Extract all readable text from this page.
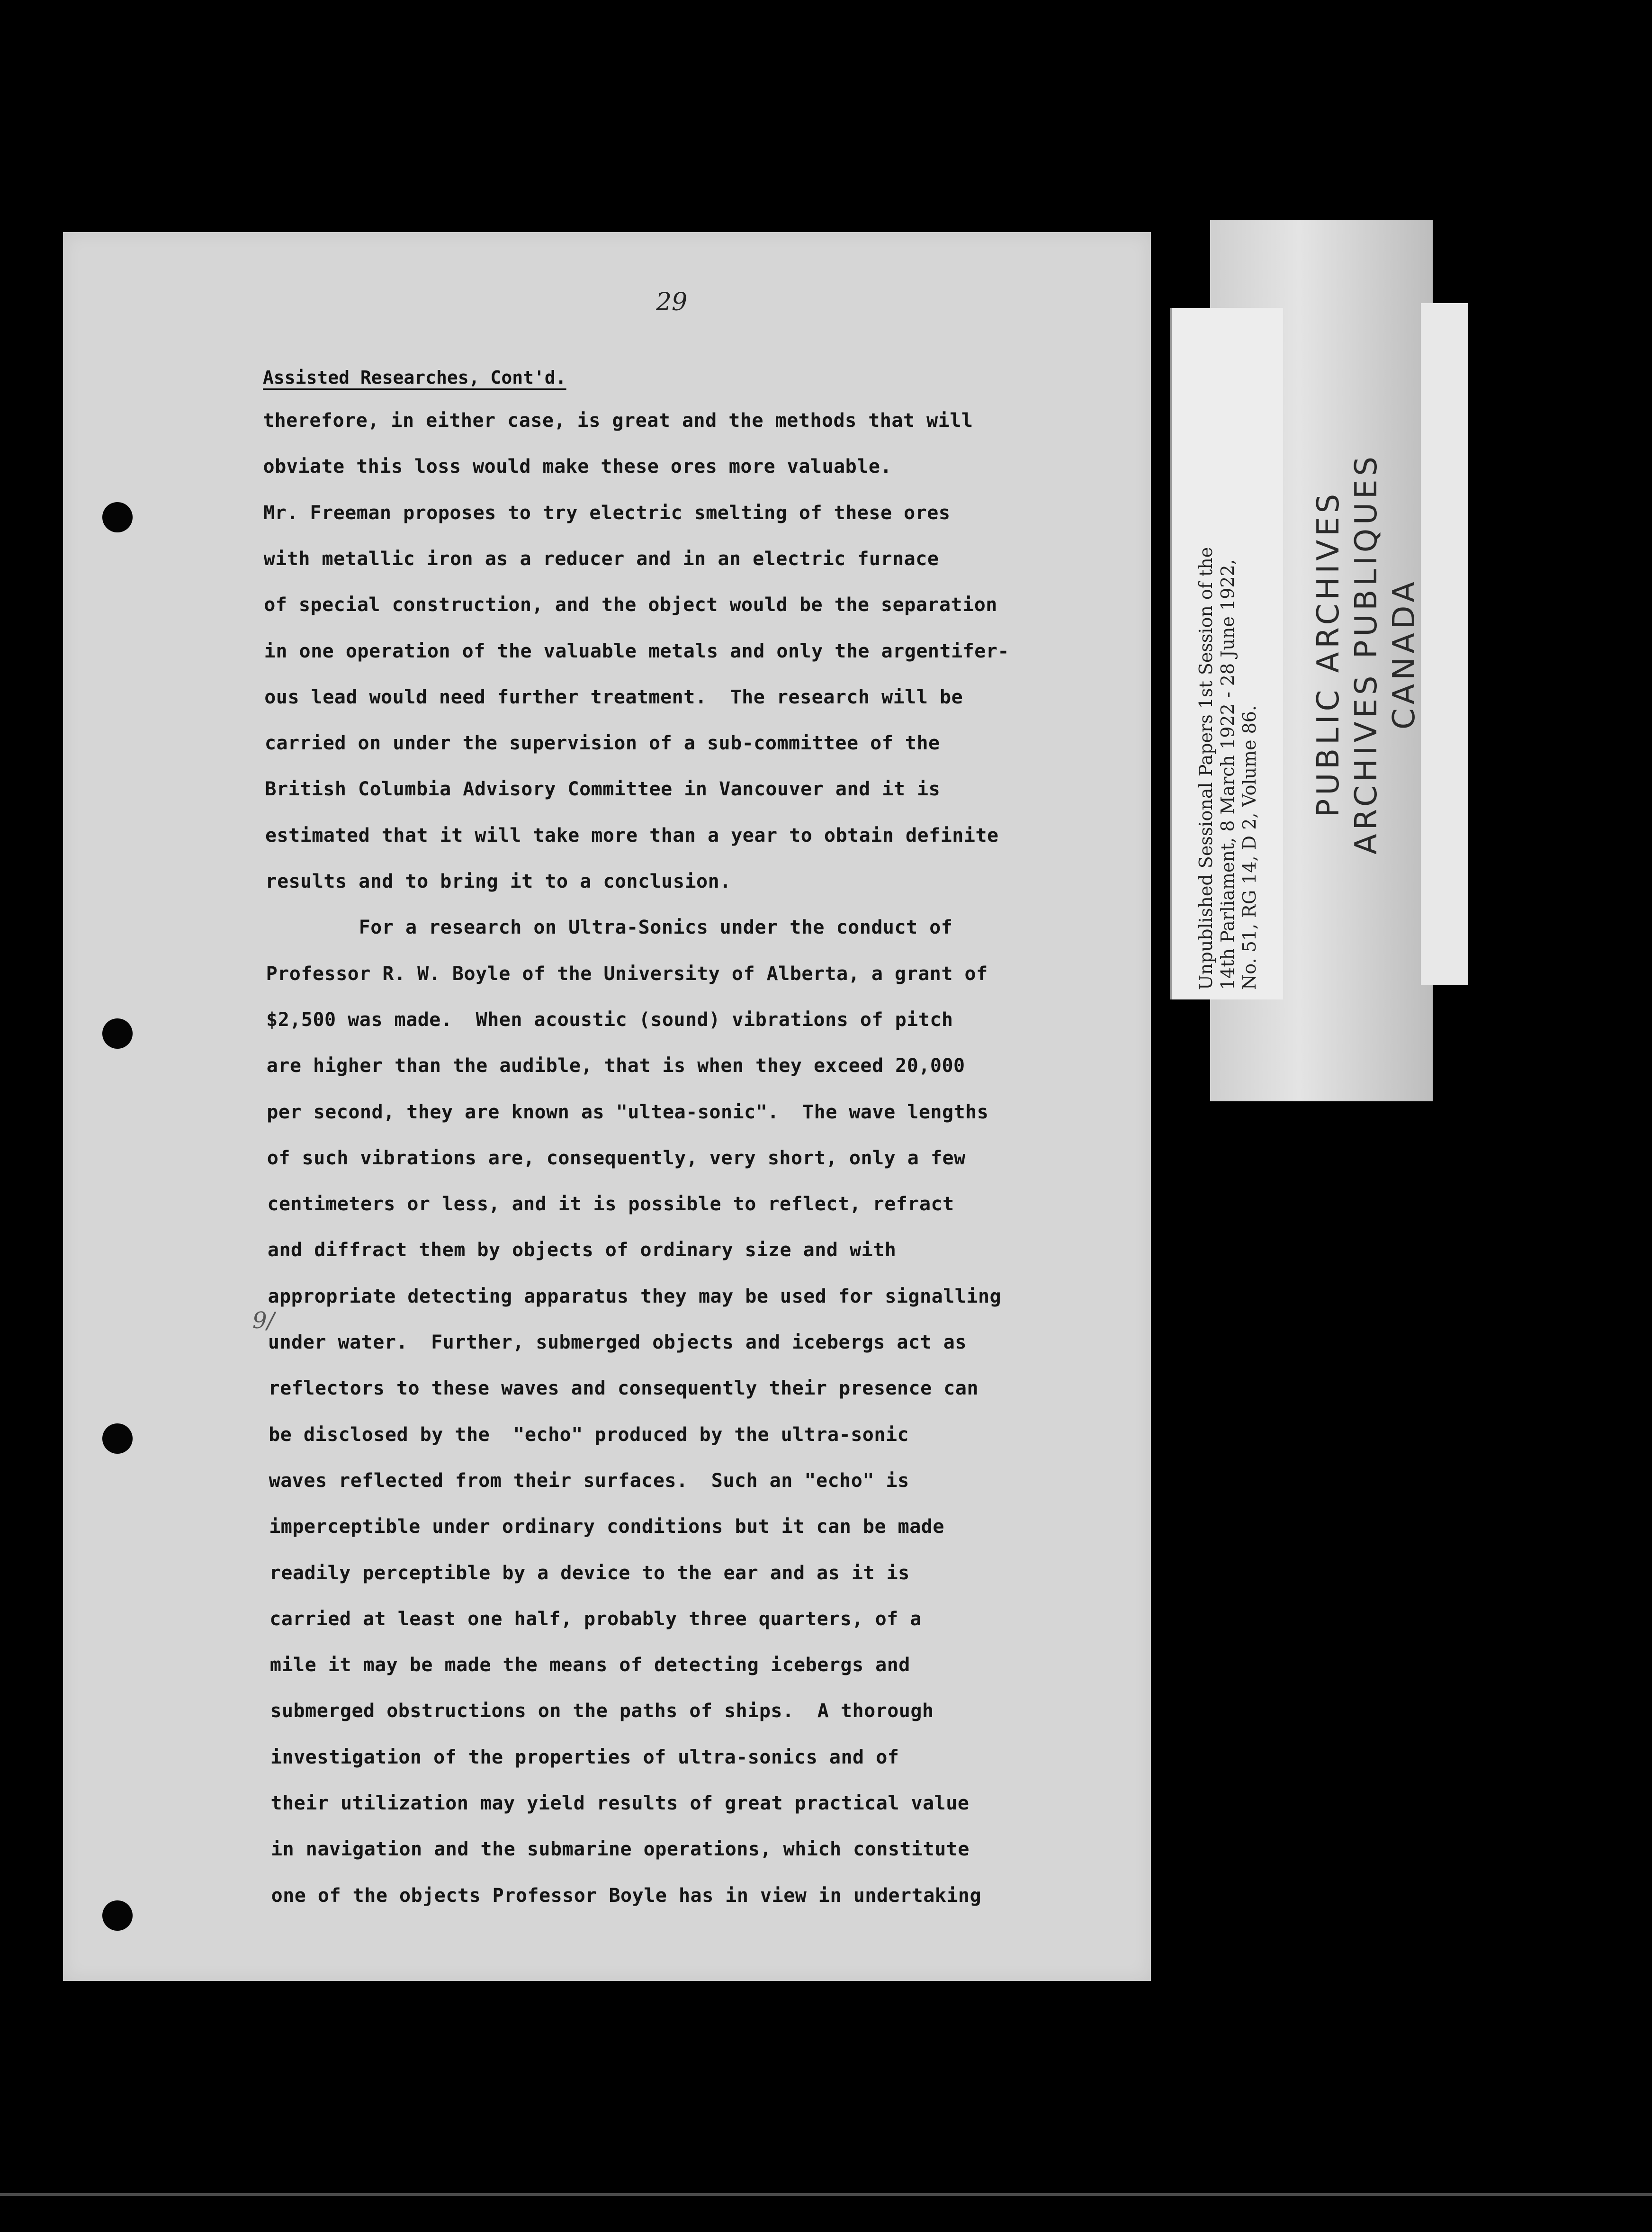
29
Assisted Researches, Cont'd.
9/
therefore, in either case, is great and the methods that will
obviate this loss would make these ores more valuable.
Mr. Freeman proposes to try electric smelting of these ores
with metallic iron as a reducer and in an electric furnace
of special construction, and the object would be the separation
in one operation of the valuable metals and only the argentifer-
ous lead would need further treatment.  The research will be
carried on under the supervision of a sub-committee of the
British Columbia Advisory Committee in Vancouver and it is
estimated that it will take more than a year to obtain definite
results and to bring it to a conclusion.
For a research on Ultra-Sonics under the conduct of
Professor R. W. Boyle of the University of Alberta, a grant of
$2,500 was made.  When acoustic (sound) vibrations of pitch
are higher than the audible, that is when they exceed 20,000
per second, they are known as "ultea-sonic".  The wave lengths
of such vibrations are, consequently, very short, only a few
centimeters or less, and it is possible to reflect, refract
and diffract them by objects of ordinary size and with
appropriate detecting apparatus they may be used for signalling
under water.  Further, submerged objects and icebergs act as
reflectors to these waves and consequently their presence can
be disclosed by the  "echo" produced by the ultra-sonic
waves reflected from their surfaces.  Such an "echo" is
imperceptible under ordinary conditions but it can be made
readily perceptible by a device to the ear and as it is
carried at least one half, probably three quarters, of a
mile it may be made the means of detecting icebergs and
submerged obstructions on the paths of ships.  A thorough
investigation of the properties of ultra-sonics and of
their utilization may yield results of great practical value
in navigation and the submarine operations, which constitute
one of the objects Professor Boyle has in view in undertaking
Unpublished Sessional Papers 1st Session of the 14th Parliament, 8 March 1922 - 28 June 1922, No. 51, RG 14, D 2, Volume 86.
PUBLIC ARCHIVES ARCHIVES PUBLIQUES CANADA
